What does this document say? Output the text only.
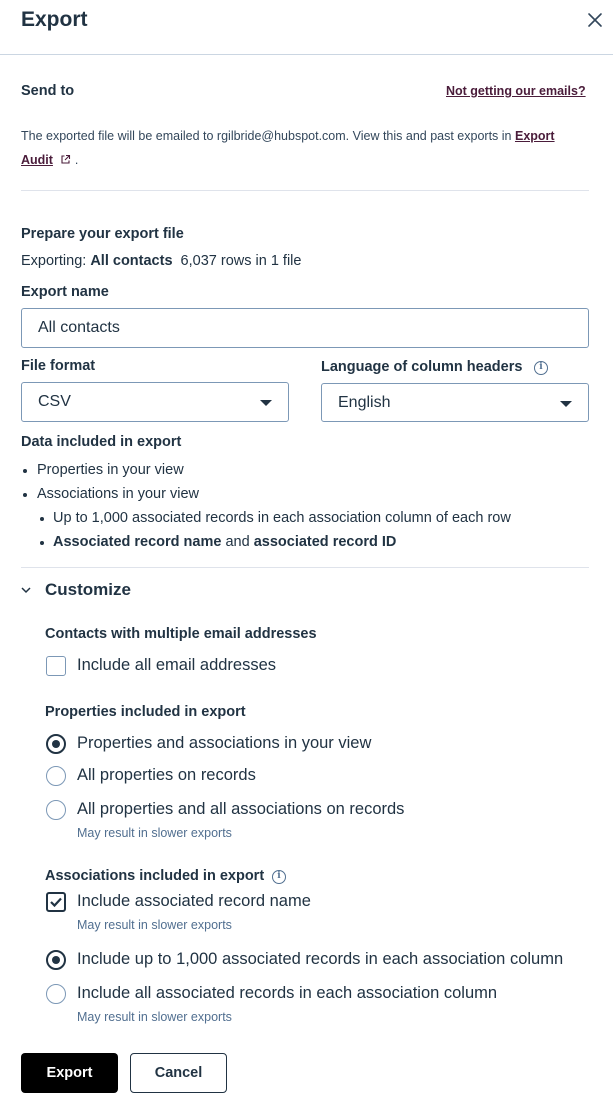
Export
Send to	Not getting our emails?
The exported file will be emailed to rgilbride@hubspot.com. View this and past exports in Export
Audit .
Prepare your export file
Exporting: All contacts 6,037 rows in 1 file
Export name
All contacts
File format
CSV
Language of column headers	i
English
Data included in export
Properties in your view
Associations in your view
Up to 1,000 associated records in each association column of each row
Associated record name and associated record ID
Customize
Contacts with multiple email addresses
Include all email addresses
Properties included in export
Properties and associations in your view
All properties on records
All properties and all associations on records
May result in slower exports
Associations included in export	i
Include associated record name
May result in slower exports
Include up to 1,000 associated records in each association column
Include all associated records in each association column
May result in slower exports
Export	Cancel
